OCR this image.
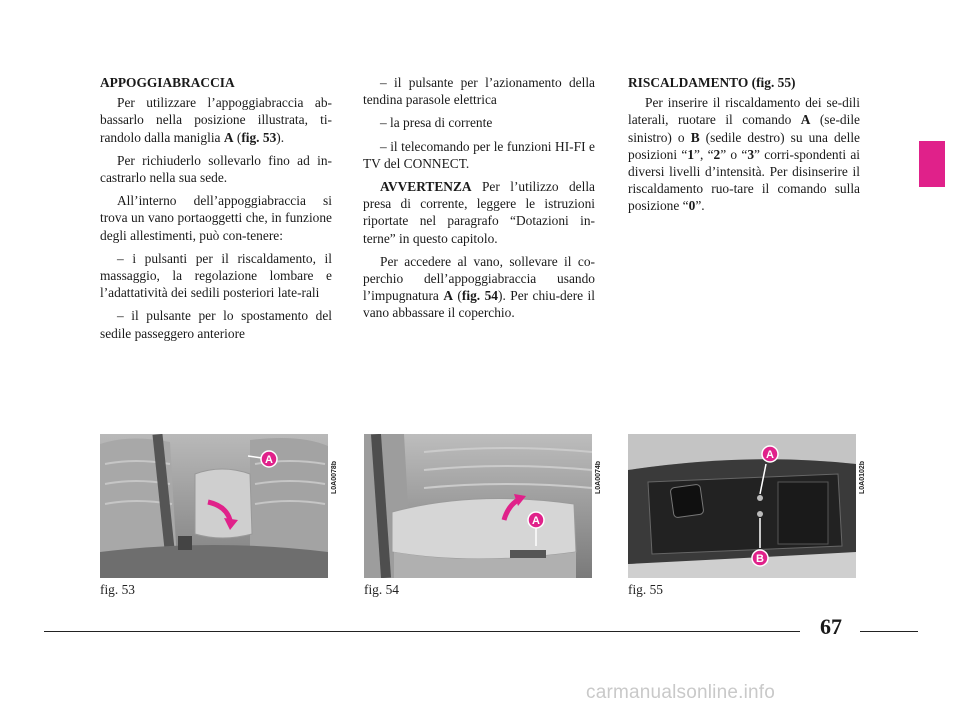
APPOGGIABRACCIA

Per utilizzare l’appoggiabraccia ab-bassarlo nella posizione illustrata, ti-randolo dalla maniglia A (fig. 53).

Per richiuderlo sollevarlo fino ad in-castrarlo nella sua sede.

All’interno dell’appoggiabraccia si trova un vano portaoggetti che, in funzione degli allestimenti, può con-tenere:

– i pulsanti per il riscaldamento, il massaggio, la regolazione lombare e l’adattatività dei sedili posteriori late-rali

– il pulsante per lo spostamento del sedile passeggero anteriore

– il pulsante per l’azionamento della tendina parasole elettrica

– la presa di corrente

– il telecomando per le funzioni HI-FI e TV del CONNECT.

AVVERTENZA Per l’utilizzo della presa di corrente, leggere le istruzioni riportate nel paragrafo “Dotazioni in-terne” in questo capitolo.

Per accedere al vano, sollevare il co-perchio dell’appoggiabraccia usando l’impugnatura A (fig. 54). Per chiu-dere il vano abbassare il coperchio.

RISCALDAMENTO (fig. 55)

Per inserire il riscaldamento dei se-dili laterali, ruotare il comando A (se-dile sinistro) o B (sedile destro) su una delle posizioni “1”, “2” o “3” corri-spondenti ai diversi livelli d’intensità. Per disinserire il riscaldamento ruo-tare il comando sulla posizione “0”.

A
L0A0078b
fig. 53
A
L0A0074b
fig. 54
A
B
L0A0102b
fig. 55
67
carmanualsonline.info
